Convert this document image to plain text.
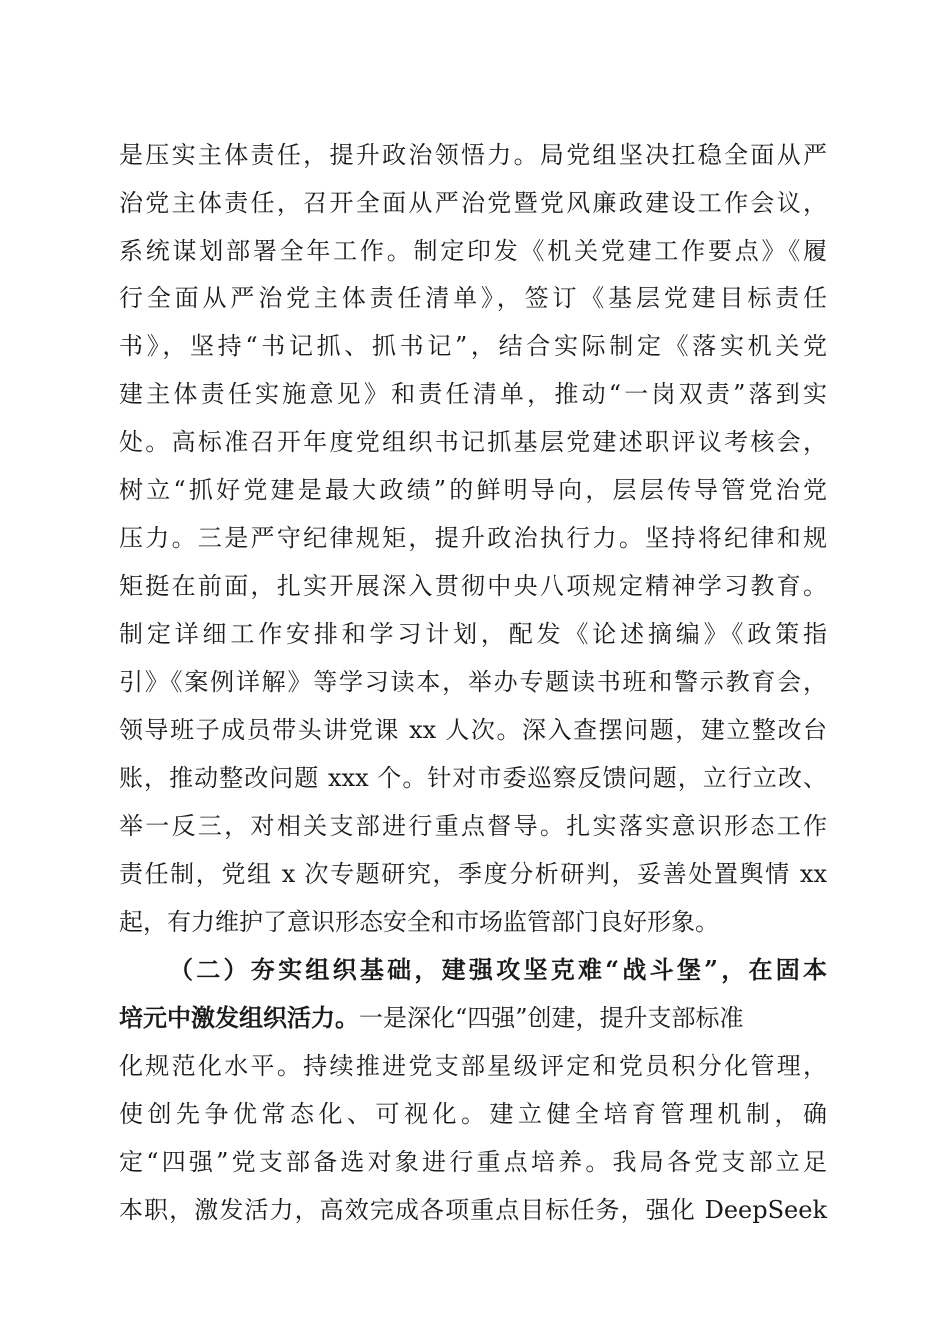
是压实主体责任，提升政治领悟力。局党组坚决扛稳全面从严
治党主体责任，召开全面从严治党暨党风廉政建设工作会议，
系统谋划部署全年工作。制定印发《机关党建工作要点》《履
行全面从严治党主体责任清单》，签订《基层党建目标责任
书》，坚持“书记抓、抓书记”，结合实际制定《落实机关党
建主体责任实施意见》和责任清单，推动“一岗双责”落到实
处。高标准召开年度党组织书记抓基层党建述职评议考核会，
树立“抓好党建是最大政绩”的鲜明导向，层层传导管党治党
压力。三是严守纪律规矩，提升政治执行力。坚持将纪律和规
矩挺在前面，扎实开展深入贯彻中央八项规定精神学习教育。
制定详细工作安排和学习计划，配发《论述摘编》《政策指
引》《案例详解》等学习读本，举办专题读书班和警示教育会，
领导班子成员带头讲党课 xx 人次。深入查摆问题，建立整改台
账，推动整改问题 xxx 个。针对市委巡察反馈问题，立行立改、
举一反三，对相关支部进行重点督导。扎实落实意识形态工作
责任制，党组 x 次专题研究，季度分析研判，妥善处置舆情 xx
起，有力维护了意识形态安全和市场监管部门良好形象。
（二）夯实组织基础，建强攻坚克难“战斗堡”，在固本
培元中激发组织活力。一是深化“四强”创建，提升支部标准
化规范化水平。持续推进党支部星级评定和党员积分化管理，
使创先争优常态化、可视化。建立健全培育管理机制，确
定“四强”党支部备选对象进行重点培养。我局各党支部立足
本职，激发活力，高效完成各项重点目标任务，强化 DeepSeek
